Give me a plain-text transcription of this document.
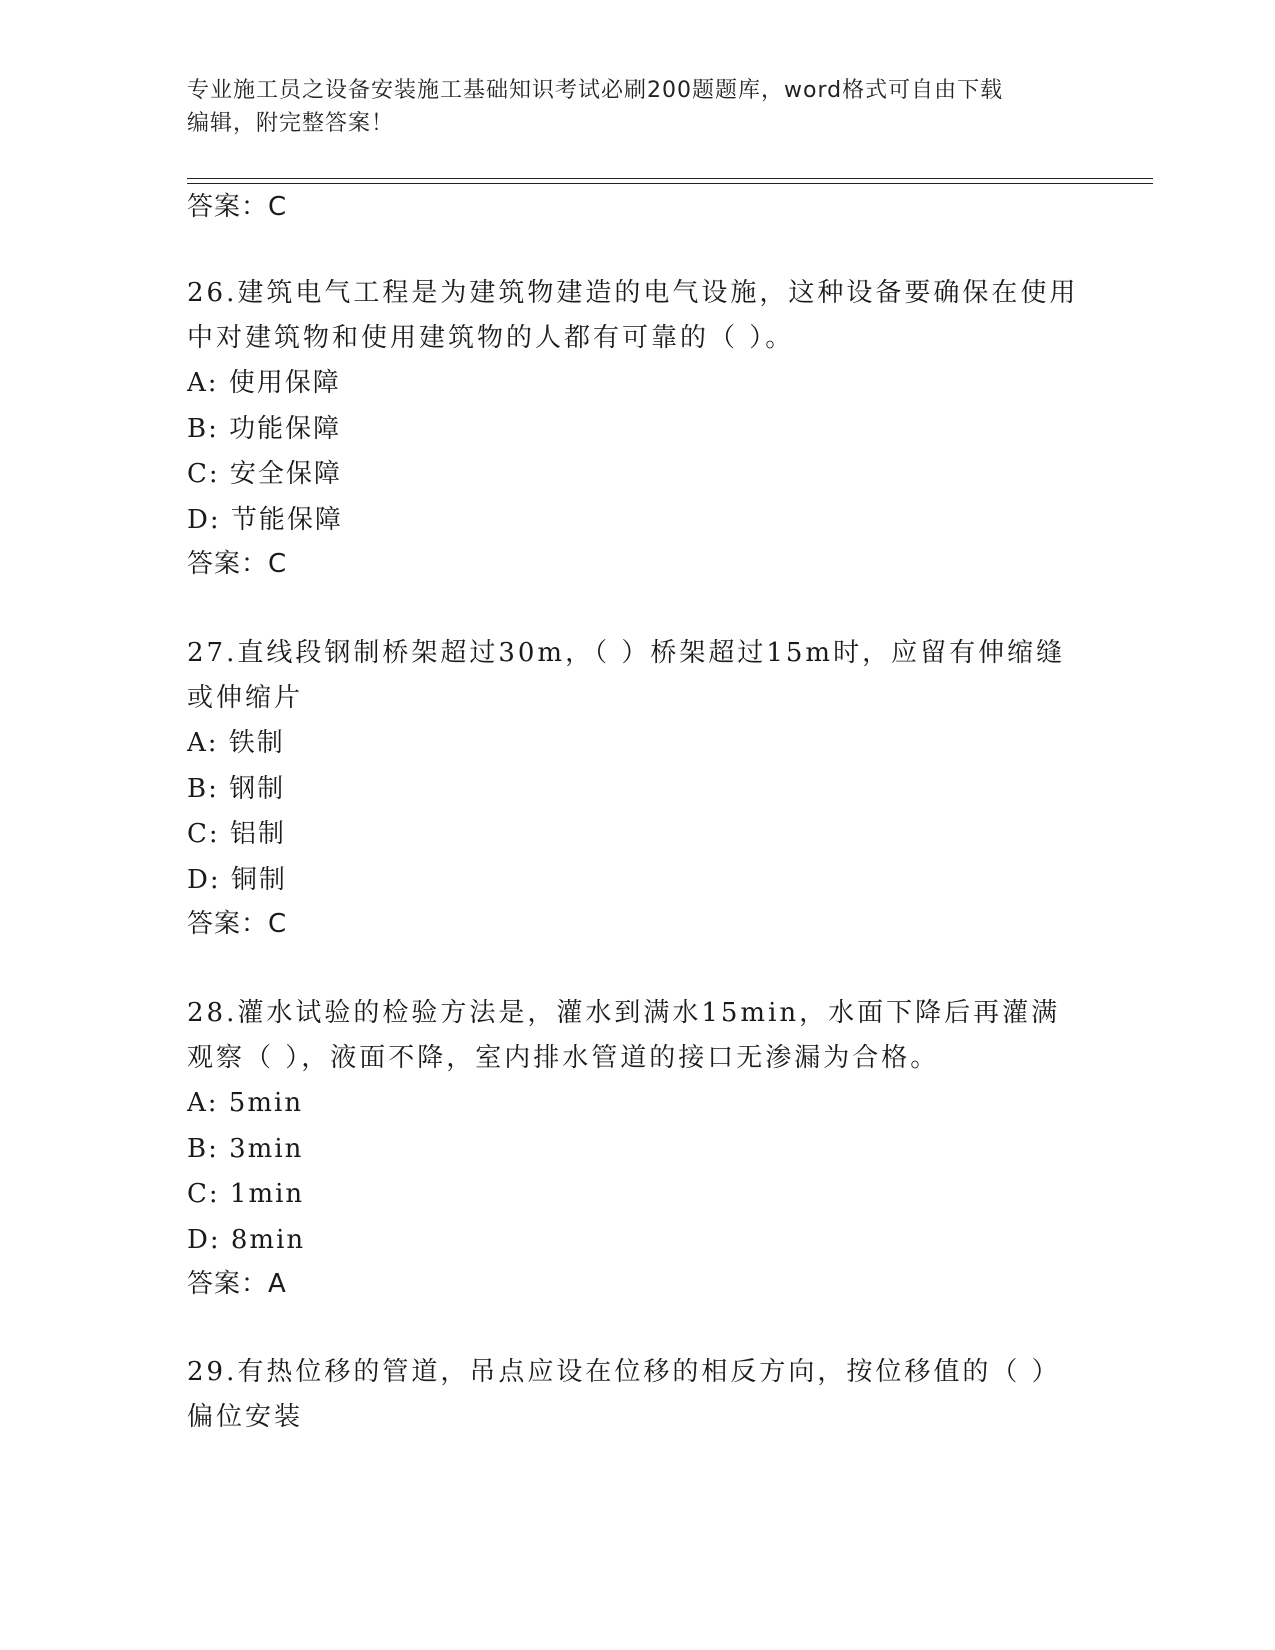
专业施工员之设备安装施工基础知识考试必刷200题题库，word格式可自由下载
编辑，附完整答案！
答案：C

26.建筑电气工程是为建筑物建造的电气设施，这种设备要确保在使用中对建筑物和使用建筑物的人都有可靠的（ ）。

A: 使用保障
B: 功能保障
C: 安全保障
D: 节能保障
答案：C

27.直线段钢制桥架超过30m，（ ）桥架超过15m时，应留有伸缩缝或伸缩片

A: 铁制
B: 钢制
C: 铝制
D: 铜制
答案：C

28.灌水试验的检验方法是，灌水到满水15min，水面下降后再灌满观察（ ），液面不降，室内排水管道的接口无渗漏为合格。

A: 5min
B: 3min
C: 1min
D: 8min
答案：A

29.有热位移的管道，吊点应设在位移的相反方向，按位移值的（ ）偏位安装
